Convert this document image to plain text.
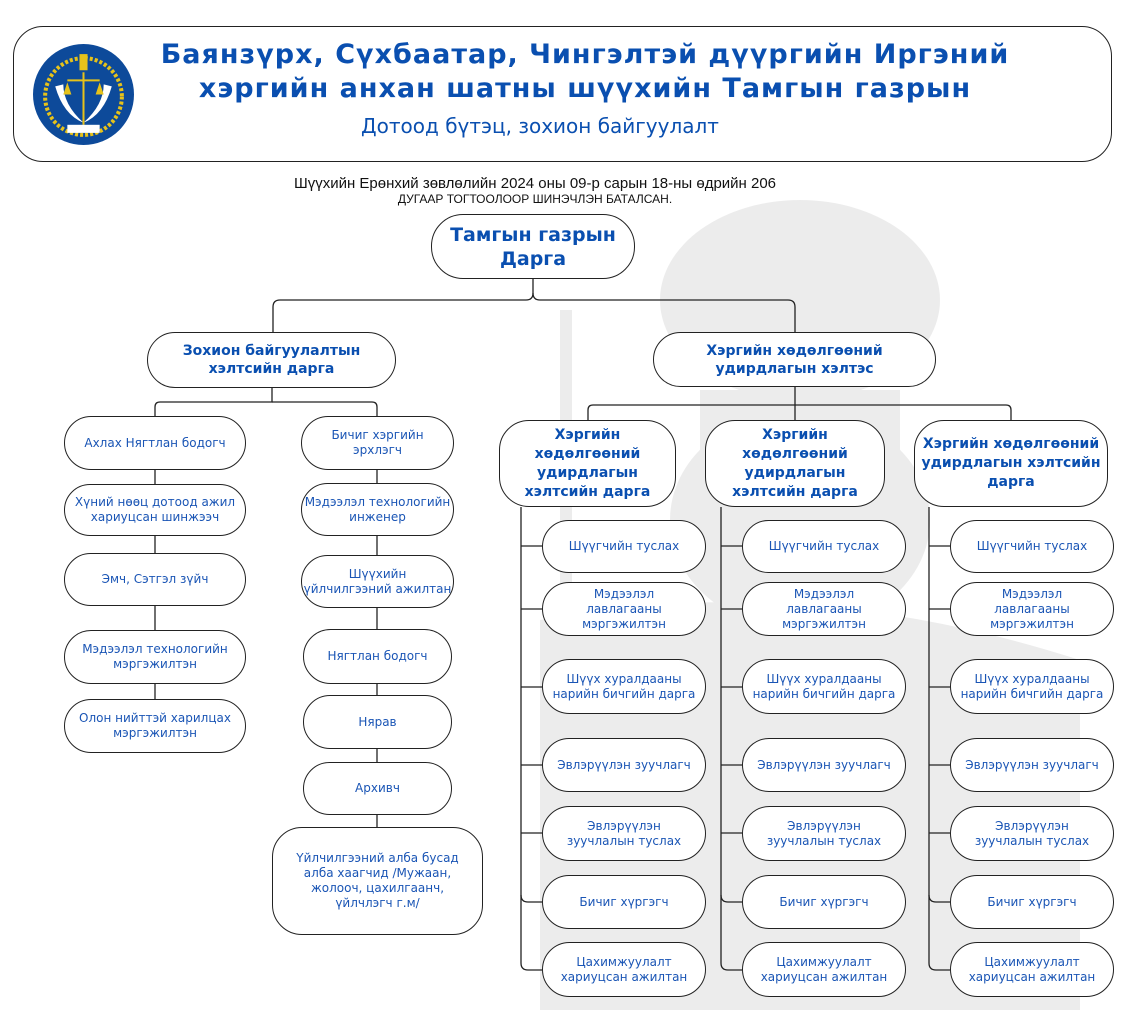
Баянзүрх, Сүхбаатар, Чингэлтэй дүүргийн Иргэний
хэргийн анхан шатны шүүхийн Тамгын газрын
Дотоод бүтэц, зохион байгуулалт
Шүүхийн Ерөнхий зөвлөлийн 2024 оны 09-р сарын 18-ны өдрийн 206
ДУГААР ТОГТООЛООР ШИНЭЧЛЭН БАТАЛСАН.
Тамгын газрын
Дарга
Зохион байгуулалтын хэлтсийн дарга
Хэргийн хөдөлгөөний удирдлагын хэлтэс
Ахлах Нягтлан бодогч
Хүний нөөц дотоод ажил хариуцсан шинжээч
Эмч, Сэтгэл зүйч
Мэдээлэл технологийн мэргэжилтэн
Олон нийттэй харилцах мэргэжилтэн
Бичиг хэргийн эрхлэгч
Мэдээлэл технологийн инженер
Шүүхийн үйлчилгээний ажилтан
Нягтлан бодогч
Нярав
Архивч
Үйлчилгээний алба бусад алба хаагчид /Мужаан, жолооч, цахилгаанч, үйлчлэгч г.м/
Хэргийн хөдөлгөөний удирдлагын хэлтсийн дарга
Хэргийн хөдөлгөөний удирдлагын хэлтсийн дарга
Хэргийн хөдөлгөөний удирдлагын хэлтсийн дарга
Шүүгчийн туслах
Мэдээлэл лавлагааны мэргэжилтэн
Шүүх хуралдааны нарийн бичгийн дарга
Эвлэрүүлэн зуучлагч
Эвлэрүүлэн зуучлалын туслах
Бичиг хүргэгч
Цахимжуулалт хариуцсан ажилтан
Шүүгчийн туслах
Мэдээлэл лавлагааны мэргэжилтэн
Шүүх хуралдааны нарийн бичгийн дарга
Эвлэрүүлэн зуучлагч
Эвлэрүүлэн зуучлалын туслах
Бичиг хүргэгч
Цахимжуулалт хариуцсан ажилтан
Шүүгчийн туслах
Мэдээлэл лавлагааны мэргэжилтэн
Шүүх хуралдааны нарийн бичгийн дарга
Эвлэрүүлэн зуучлагч
Эвлэрүүлэн зуучлалын туслах
Бичиг хүргэгч
Цахимжуулалт хариуцсан ажилтан
